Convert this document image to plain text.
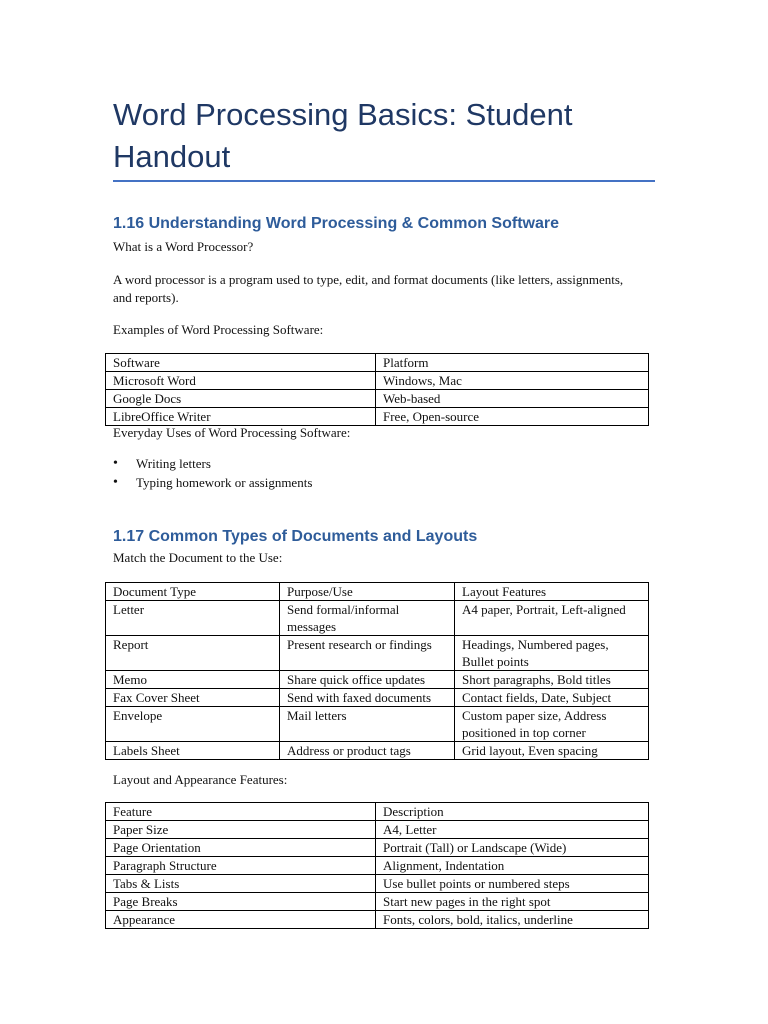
Word Processing Basics: Student Handout
1.16 Understanding Word Processing & Common Software

What is a Word Processor?

A word processor is a program used to type, edit, and format documents (like letters, assignments, and reports).

Examples of Word Processing Software:

Software	Platform
Microsoft Word	Windows, Mac
Google Docs	Web-based
LibreOffice Writer	Free, Open-source

Everyday Uses of Word Processing Software:

• Writing letters
• Typing homework or assignments
1.17 Common Types of Documents and Layouts

Match the Document to the Use:

Document Type	Purpose/Use	Layout Features
Letter	Send formal/informal messages	A4 paper, Portrait, Left-aligned
Report	Present research or findings	Headings, Numbered pages, Bullet points
Memo	Share quick office updates	Short paragraphs, Bold titles
Fax Cover Sheet	Send with faxed documents	Contact fields, Date, Subject
Envelope	Mail letters	Custom paper size, Address positioned in top corner
Labels Sheet	Address or product tags	Grid layout, Even spacing

Layout and Appearance Features:

Feature	Description
Paper Size	A4, Letter
Page Orientation	Portrait (Tall) or Landscape (Wide)
Paragraph Structure	Alignment, Indentation
Tabs & Lists	Use bullet points or numbered steps
Page Breaks	Start new pages in the right spot
Appearance	Fonts, colors, bold, italics, underline
